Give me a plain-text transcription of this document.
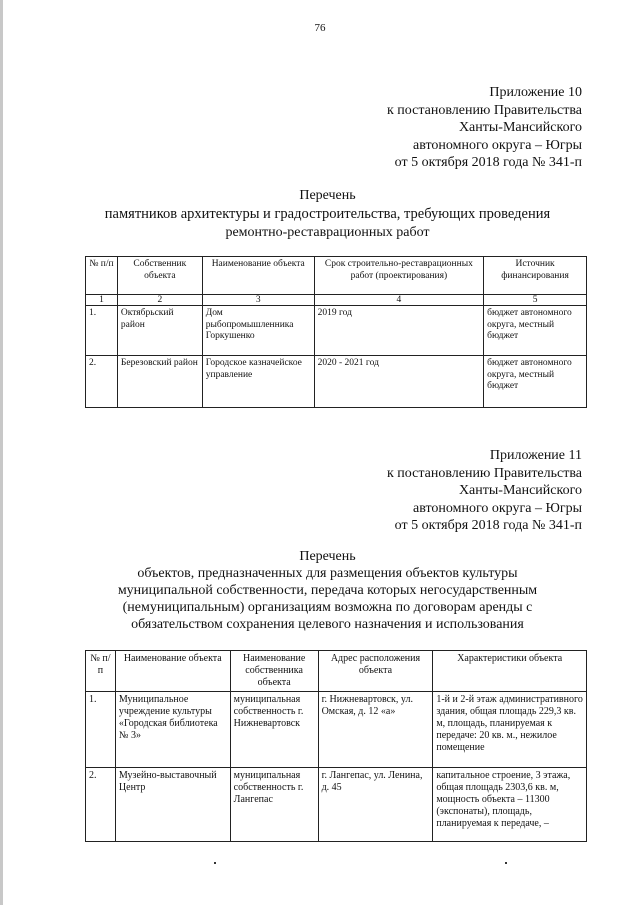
76
Приложение 10
к постановлению Правительства
Ханты-Мансийского
автономного округа – Югры
от 5 октября 2018 года № 341-п
Перечень
памятников архитектуры и градостроительства, требующих проведения
ремонтно-реставрационных работ
№ п/п	Собственник объекта	Наименование объекта	Срок строительно-реставрационных работ (проектирования)	Источник финансирования
1	2	3	4	5
1.	Октябрьский район	Дом рыбопромышленника Горкушенко	2019 год	бюджет автономного округа, местный бюджет
2.	Березовский район	Городское казначейское управление	2020 - 2021 год	бюджет автономного округа, местный бюджет
Приложение 11
к постановлению Правительства
Ханты-Мансийского
автономного округа – Югры
от 5 октября 2018 года № 341-п
Перечень
объектов, предназначенных для размещения объектов культуры
муниципальной собственности, передача которых негосударственным
(немуниципальным) организациям возможна по договорам аренды с
обязательством сохранения целевого назначения и использования
№ п/п	Наименование объекта	Наименование собственника объекта	Адрес расположения объекта	Характеристики объекта
1.	Муниципальное учреждение культуры «Городская библиотека № 3»	муниципальная собственность г. Нижневартовск	г. Нижневартовск, ул. Омская, д. 12 «а»	1-й и 2-й этаж административного здания, общая площадь 229,3 кв. м, площадь, планируемая к передаче: 20 кв. м., нежилое помещение
2.	Музейно-выставочный Центр	муниципальная собственность г. Лангепас	г. Лангепас, ул. Ленина, д. 45	капитальное строение, 3 этажа, общая площадь 2303,6 кв. м, мощность объекта – 11300 (экспонаты), площадь, планируемая к передаче, –
